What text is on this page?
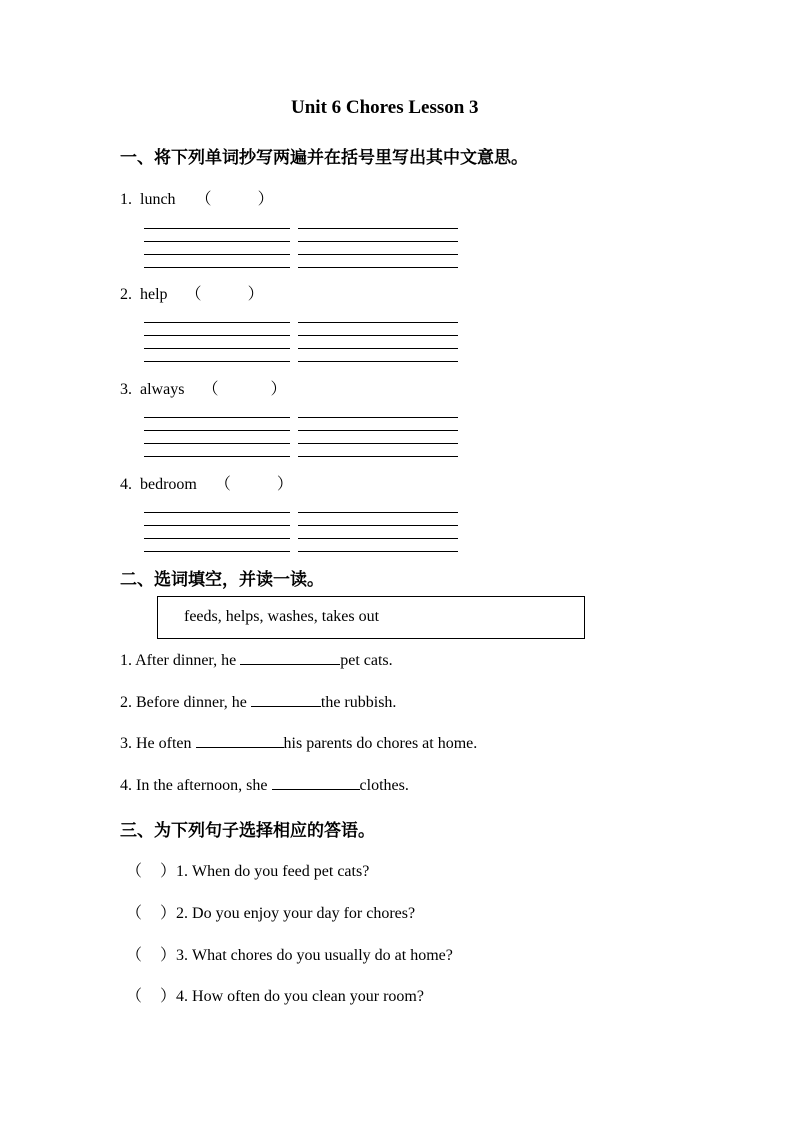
Unit 6 Chores Lesson 3
一、将下列单词抄写两遍并在括号里写出其中文意思。
1. lunch （	）
2. help （	）
3. always （	）
4. bedroom （	）
二、选词填空，并读一读。
feeds, helps, washes, takes out
1. After dinner, he	pet cats.
2. Before dinner, he	the rubbish.
3. He often	his parents do chores at home.
4. In the afternoon, she	clothes.
三、为下列句子选择相应的答语。
（ ）1. When do you feed pet cats?
（ ）2. Do you enjoy your day for chores?
（ ）3. What chores do you usually do at home?
（ ）4. How often do you clean your room?
